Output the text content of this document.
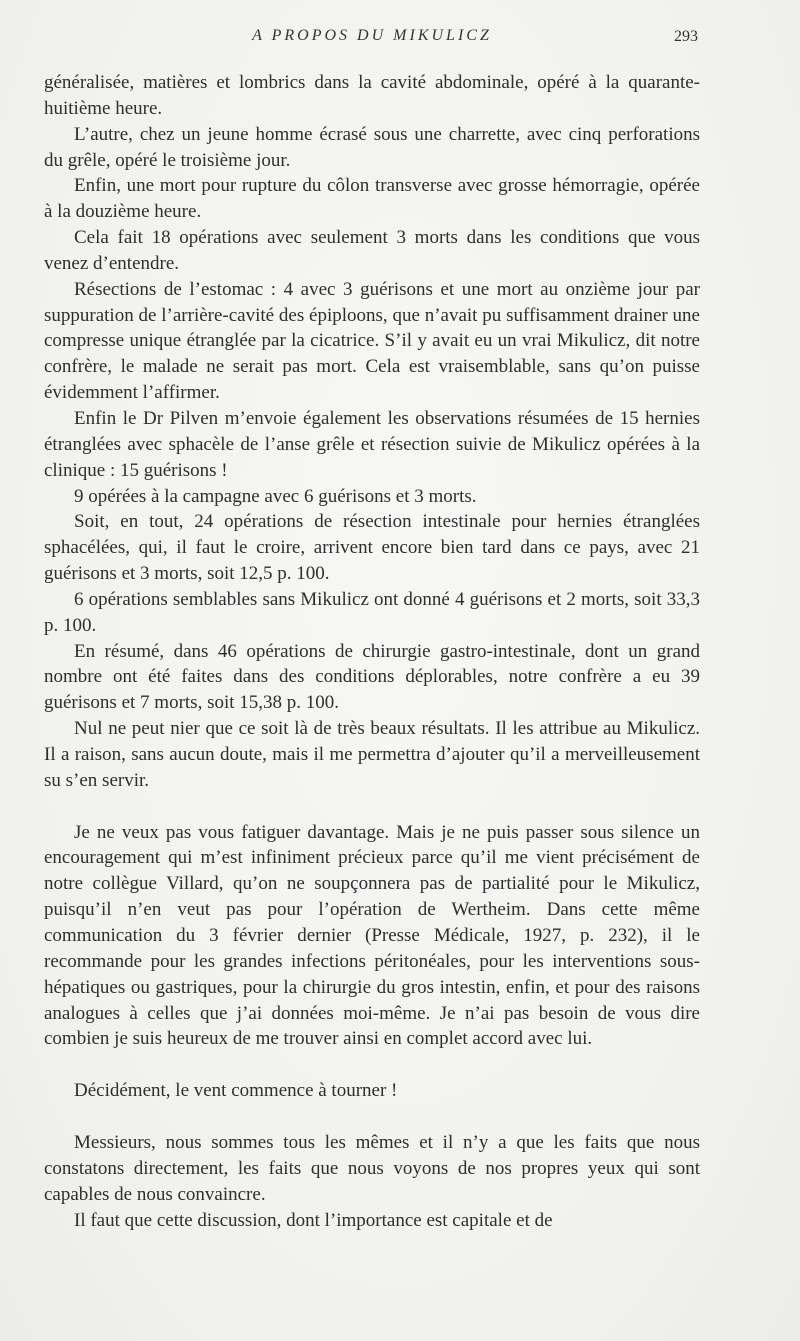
A PROPOS DU MIKULICZ	293

généralisée, matières et lombrics dans la cavité abdominale, opéré à la quarante-huitième heure.

L’autre, chez un jeune homme écrasé sous une charrette, avec cinq perforations du grêle, opéré le troisième jour.

Enfin, une mort pour rupture du côlon transverse avec grosse hémorragie, opérée à la douzième heure.

Cela fait 18 opérations avec seulement 3 morts dans les conditions que vous venez d’entendre.

Résections de l’estomac : 4 avec 3 guérisons et une mort au onzième jour par suppuration de l’arrière-cavité des épiploons, que n’avait pu suffisamment drainer une compresse unique étranglée par la cicatrice. S’il y avait eu un vrai Mikulicz, dit notre confrère, le malade ne serait pas mort. Cela est vraisemblable, sans qu’on puisse évidemment l’affirmer.

Enfin le Dr Pilven m’envoie également les observations résumées de 15 hernies étranglées avec sphacèle de l’anse grêle et résection suivie de Mikulicz opérées à la clinique : 15 guérisons !

9 opérées à la campagne avec 6 guérisons et 3 morts.

Soit, en tout, 24 opérations de résection intestinale pour hernies étranglées sphacélées, qui, il faut le croire, arrivent encore bien tard dans ce pays, avec 21 guérisons et 3 morts, soit 12,5 p. 100.

6 opérations semblables sans Mikulicz ont donné 4 guérisons et 2 morts, soit 33,3 p. 100.

En résumé, dans 46 opérations de chirurgie gastro-intestinale, dont un grand nombre ont été faites dans des conditions déplorables, notre confrère a eu 39 guérisons et 7 morts, soit 15,38 p. 100.

Nul ne peut nier que ce soit là de très beaux résultats. Il les attribue au Mikulicz. Il a raison, sans aucun doute, mais il me permettra d’ajouter qu’il a merveilleusement su s’en servir.

Je ne veux pas vous fatiguer davantage. Mais je ne puis passer sous silence un encouragement qui m’est infiniment précieux parce qu’il me vient précisément de notre collègue Villard, qu’on ne soupçonnera pas de partialité pour le Mikulicz, puisqu’il n’en veut pas pour l’opération de Wertheim. Dans cette même communication du 3 février dernier (Presse Médicale, 1927, p. 232), il le recommande pour les grandes infections péritonéales, pour les interventions sous-hépatiques ou gastriques, pour la chirurgie du gros intestin, enfin, et pour des raisons analogues à celles que j’ai données moi-même. Je n’ai pas besoin de vous dire combien je suis heureux de me trouver ainsi en complet accord avec lui.

Décidément, le vent commence à tourner !

Messieurs, nous sommes tous les mêmes et il n’y a que les faits que nous constatons directement, les faits que nous voyons de nos propres yeux qui sont capables de nous convaincre.

Il faut que cette discussion, dont l’importance est capitale et de
